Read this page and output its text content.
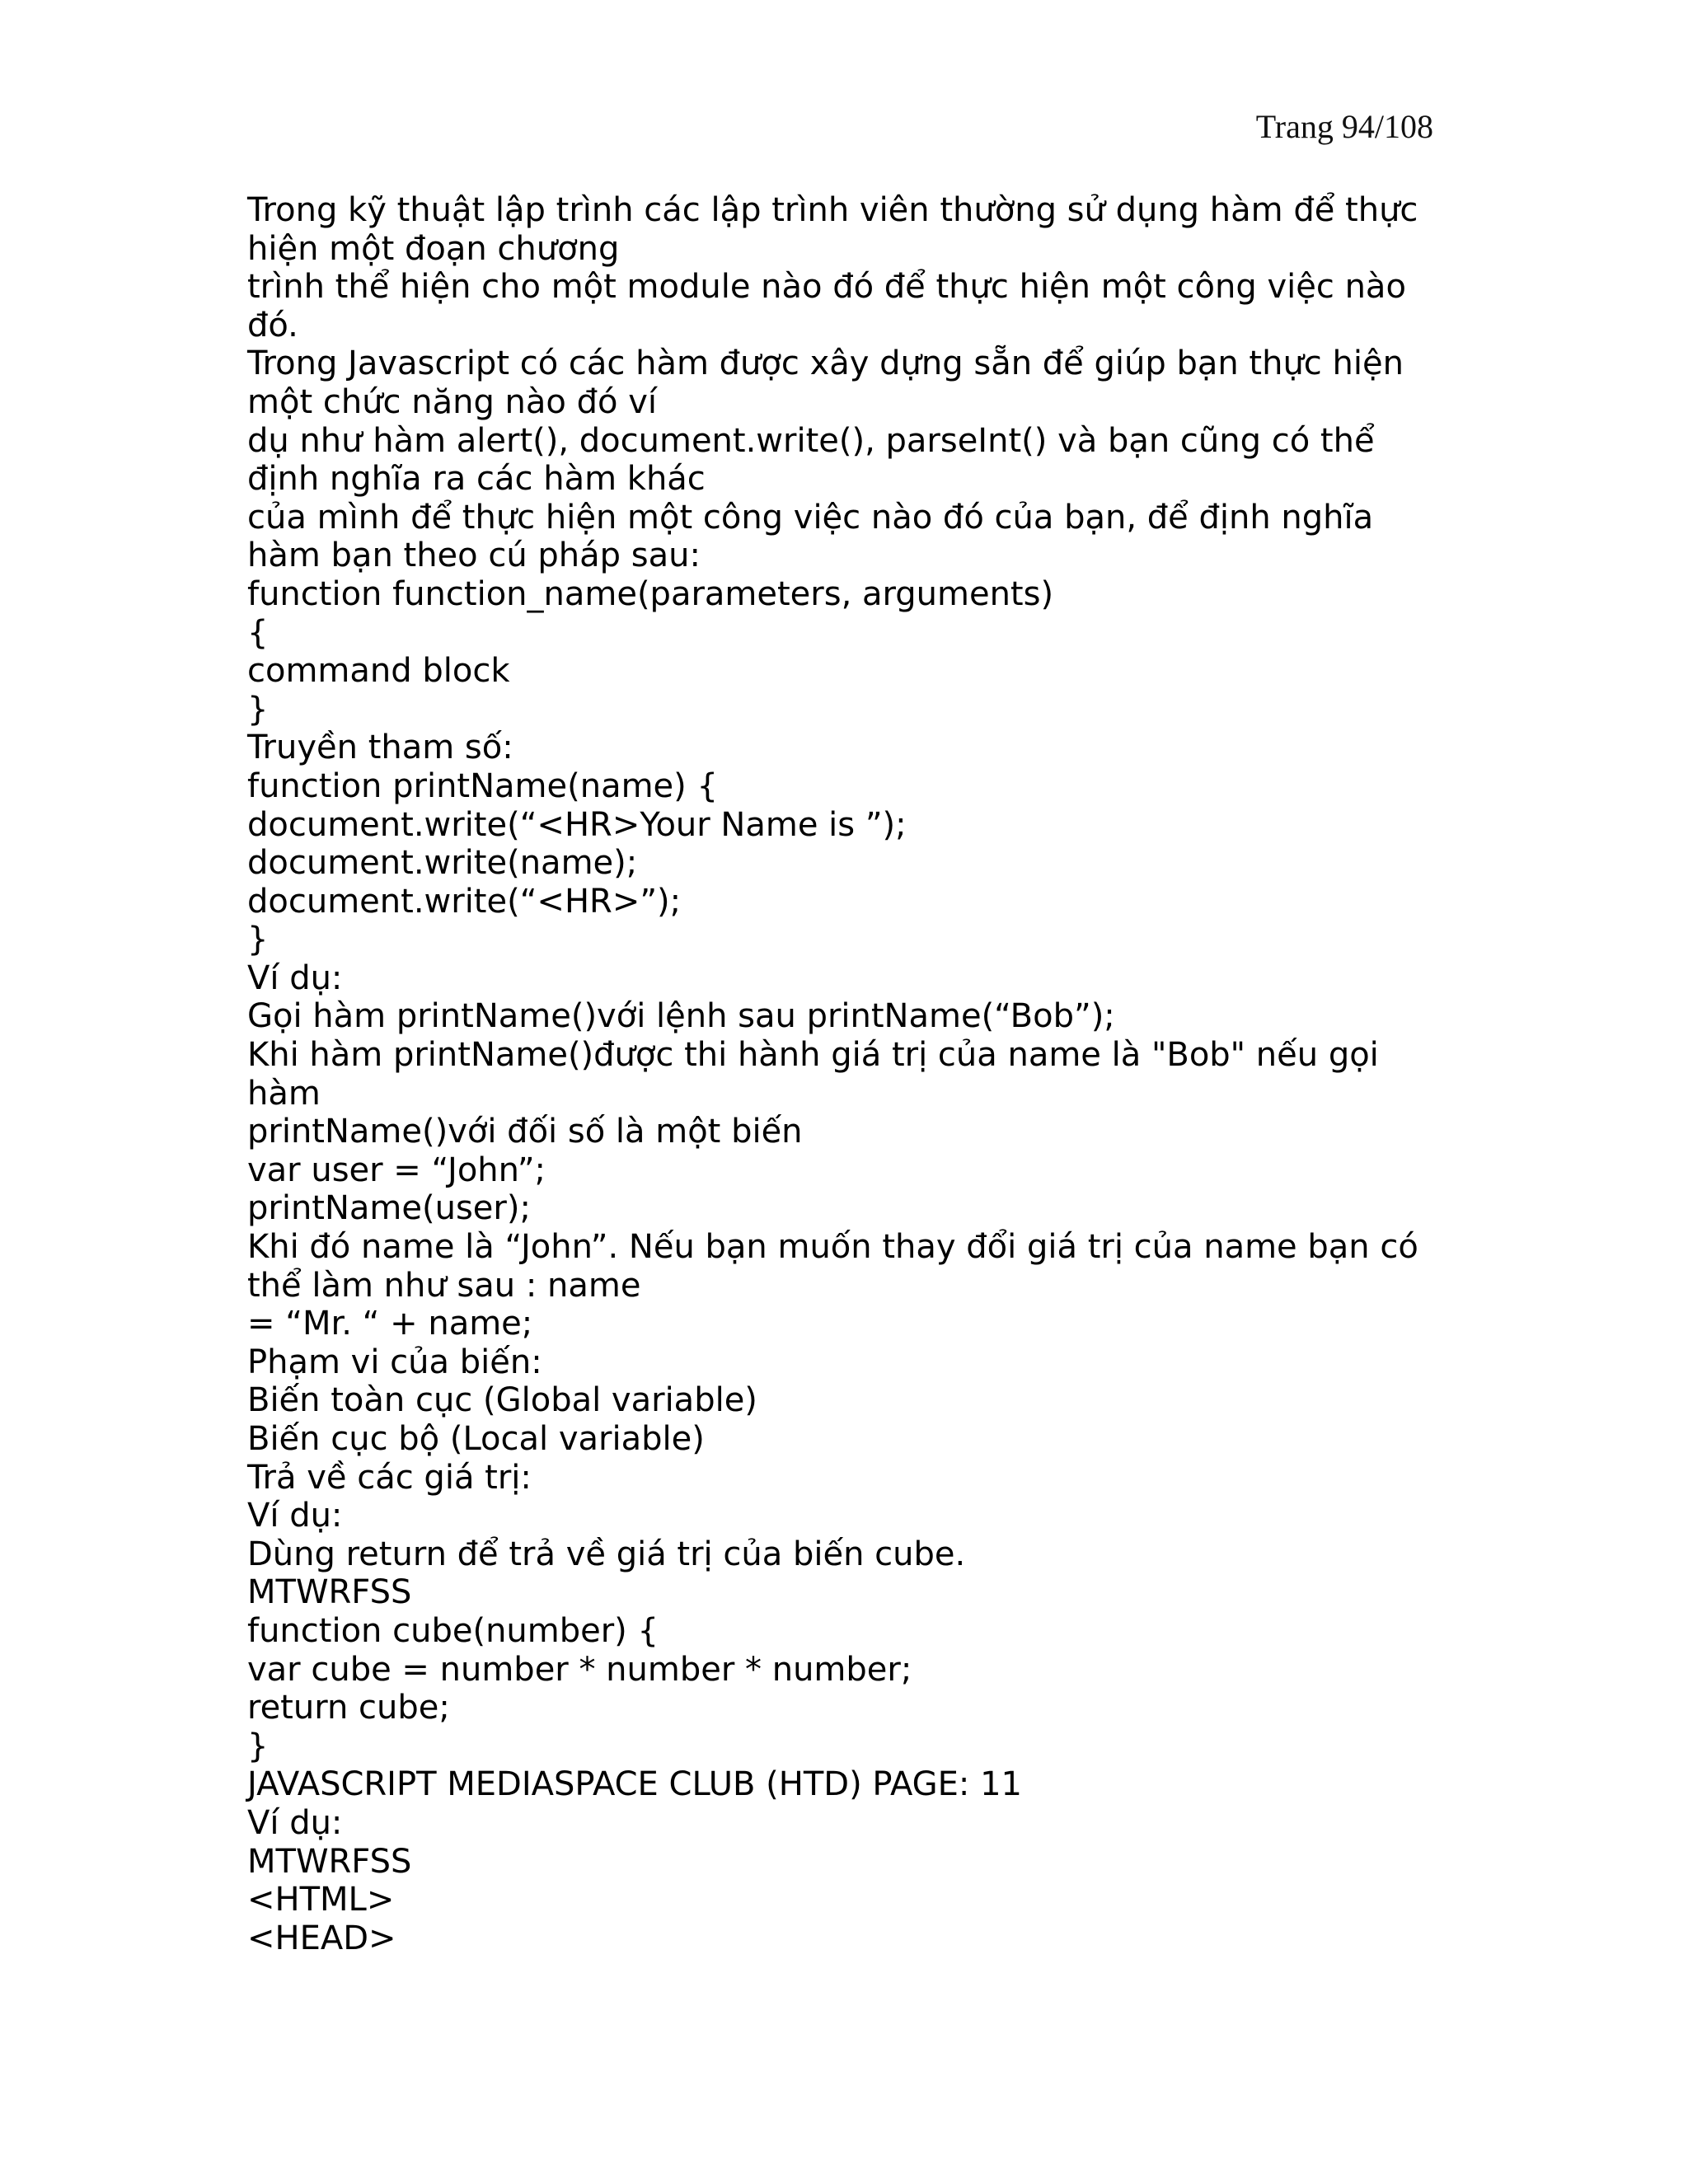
Trang 94/108
Trong kỹ thuật lập trình các lập trình viên thường sử dụng hàm để thực
hiện một đoạn chương
trình thể hiện cho một module nào đó để thực hiện một công việc nào
đó.
Trong Javascript có các hàm được xây dựng sẵn để giúp bạn thực hiện
một chức năng nào đó ví
dụ như hàm alert(), document.write(), parseInt() và bạn cũng có thể
định nghĩa ra các hàm khác
của mình để thực hiện một công việc nào đó của bạn, để định nghĩa
hàm bạn theo cú pháp sau:
function function_name(parameters, arguments)
{
command block
}
Truyền tham số:
function printName(name) {
document.write(“<HR>Your Name is ”);
document.write(name);
document.write(“<HR>”);
}
Ví dụ:
Gọi hàm printName()với lệnh sau printName(“Bob”);
Khi hàm printName()được thi hành giá trị của name là "Bob" nếu gọi
hàm
printName()với đối số là một biến
var user = “John”;
printName(user);
Khi đó name là “John”. Nếu bạn muốn thay đổi giá trị của name bạn có
thể làm như sau : name
= “Mr. “ + name;
Phạm vi của biến:
Biến toàn cục (Global variable)
Biến cục bộ (Local variable)
Trả về các giá trị:
Ví dụ:
Dùng return để trả về giá trị của biến cube.
MTWRFSS
function cube(number) {
var cube = number * number * number;
return cube;
}
JAVASCRIPT MEDIASPACE CLUB (HTD) PAGE: 11
Ví dụ:
MTWRFSS
<HTML>
<HEAD>
